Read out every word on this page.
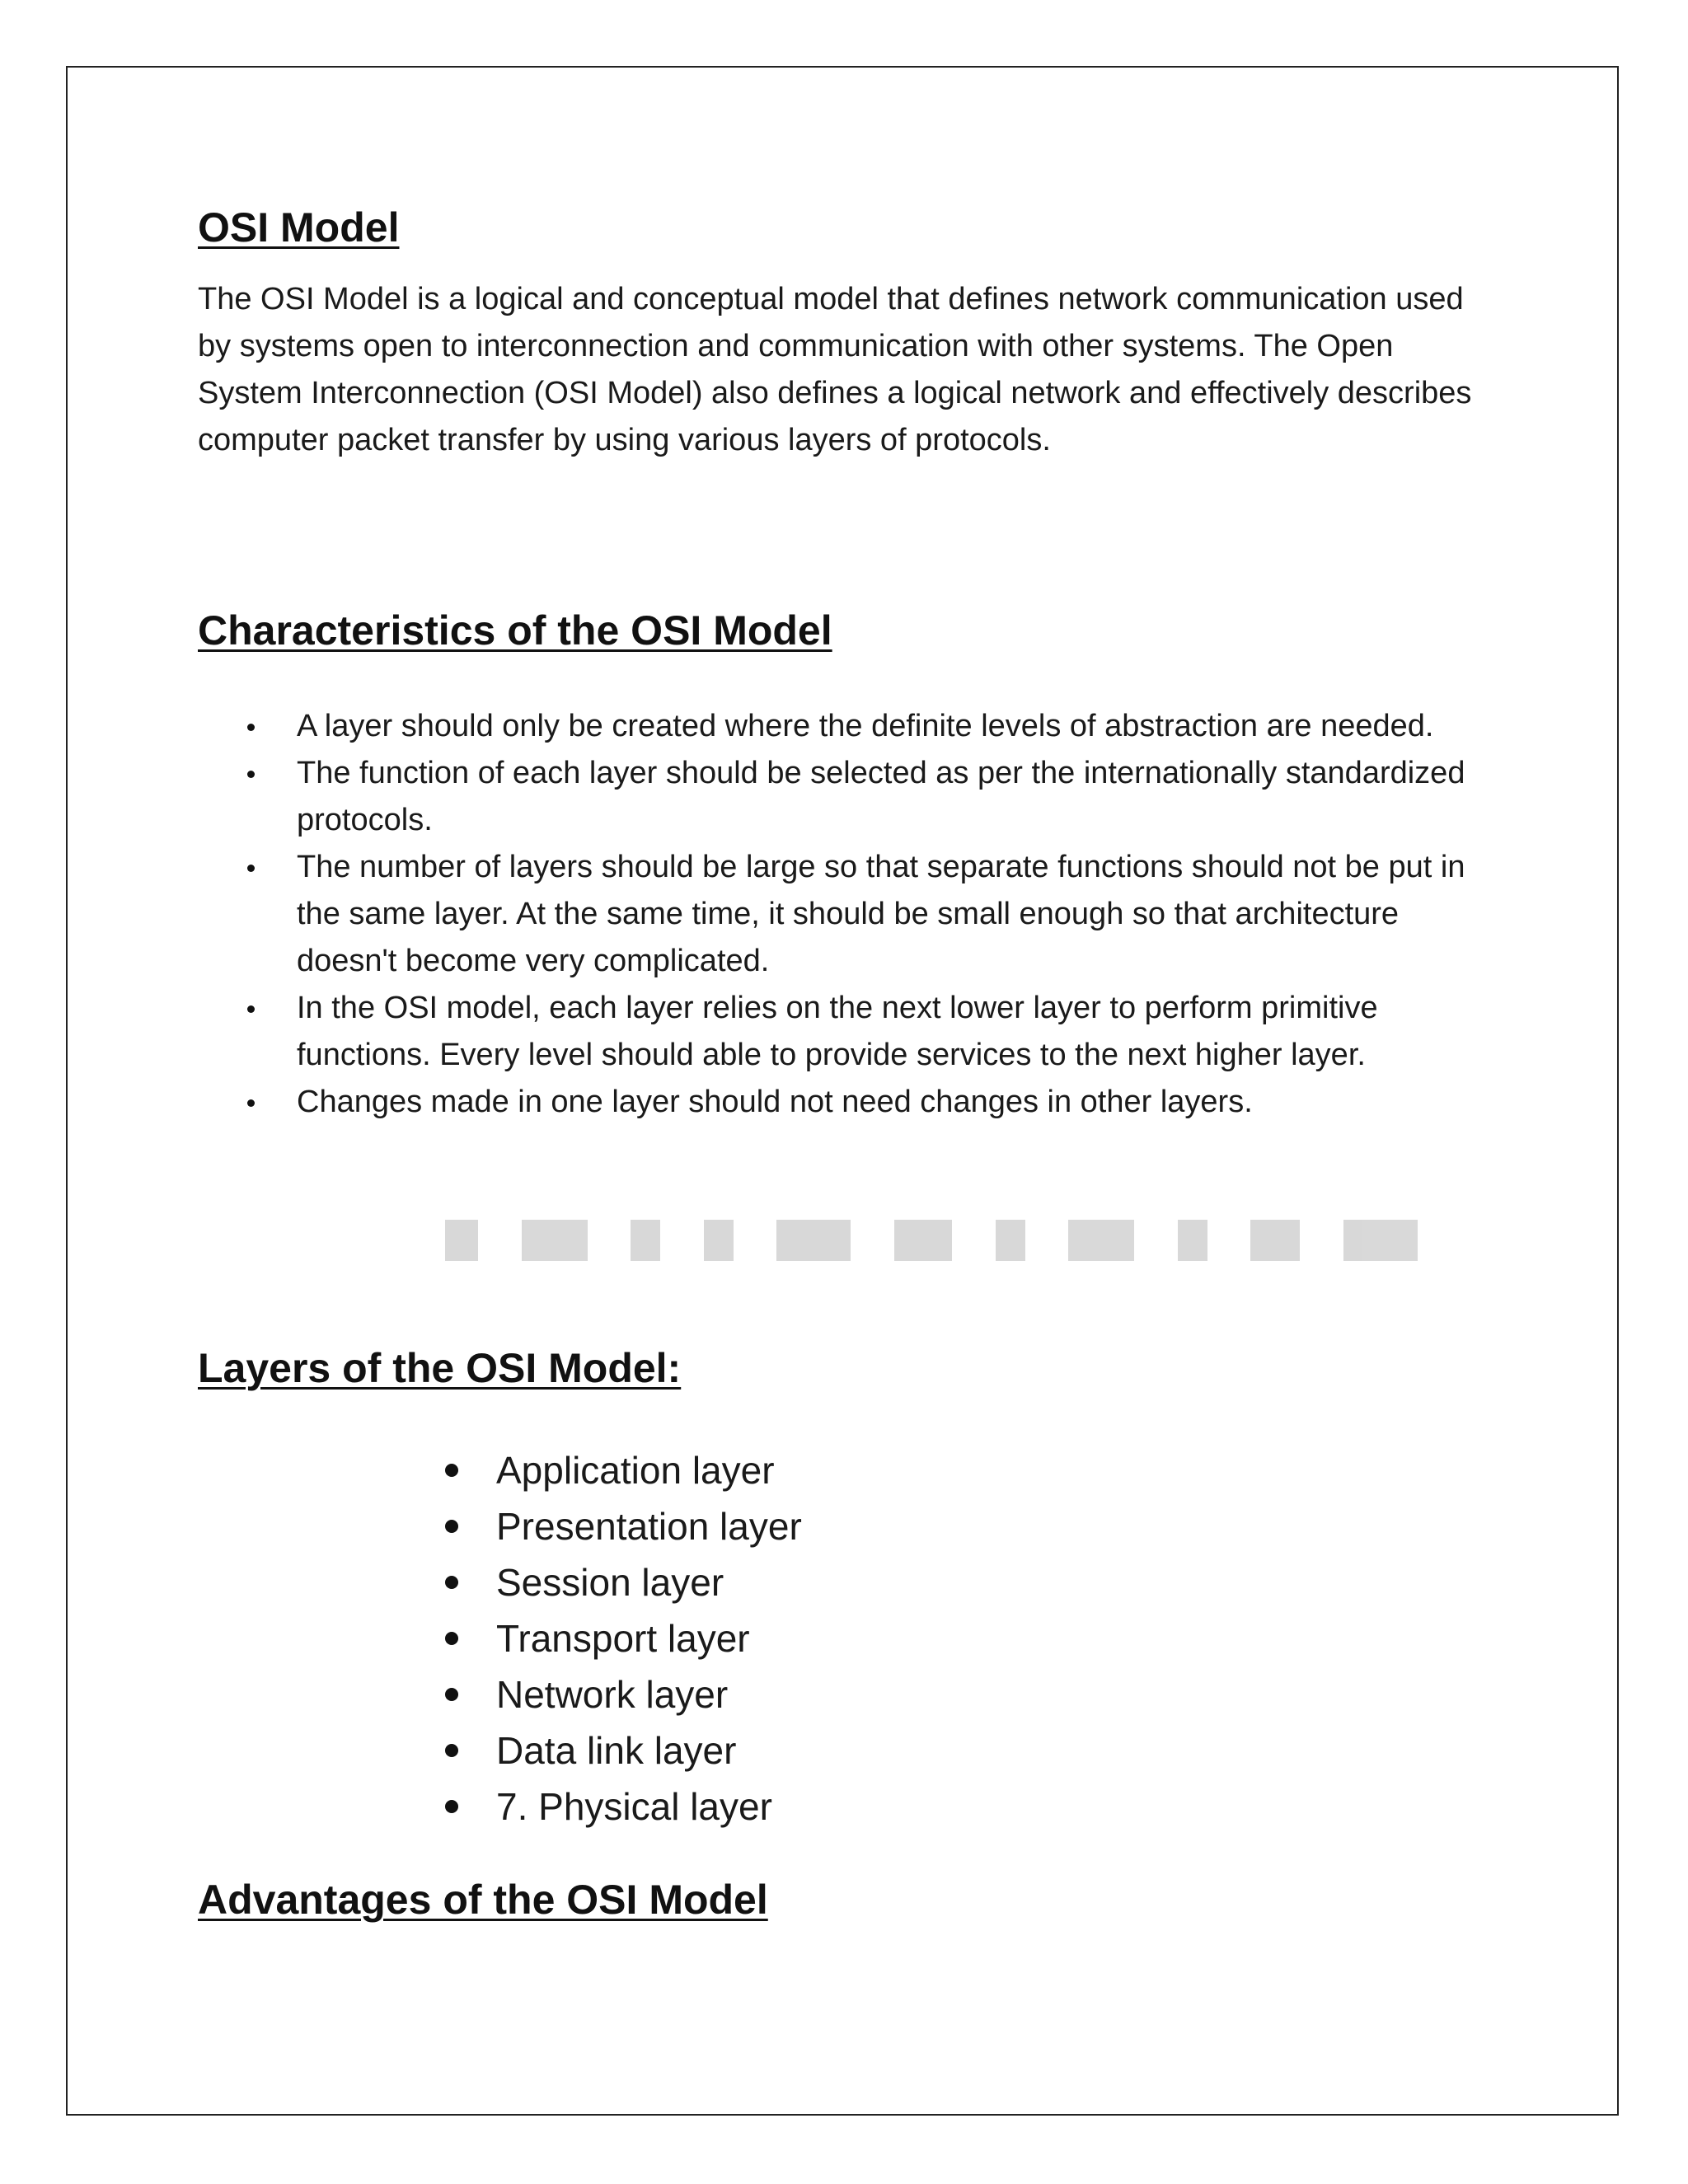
OSI Model

The OSI Model is a logical and conceptual model that defines network communication used by systems open to interconnection and communication with other systems. The Open System Interconnection (OSI Model) also defines a logical network and effectively describes computer packet transfer by using various layers of protocols.

Characteristics of the OSI Model
A layer should only be created where the definite levels of abstraction are needed.
The function of each layer should be selected as per the internationally standardized protocols.
The number of layers should be large so that separate functions should not be put in the same layer. At the same time, it should be small enough so that architecture doesn't become very complicated.
In the OSI model, each layer relies on the next lower layer to perform primitive functions. Every level should able to provide services to the next higher layer.
Changes made in one layer should not need changes in other layers.
Layers of the OSI Model:
Application layer
Presentation layer
Session layer
Transport layer
Network layer
Data link layer
7. Physical layer
Advantages of the OSI Model
